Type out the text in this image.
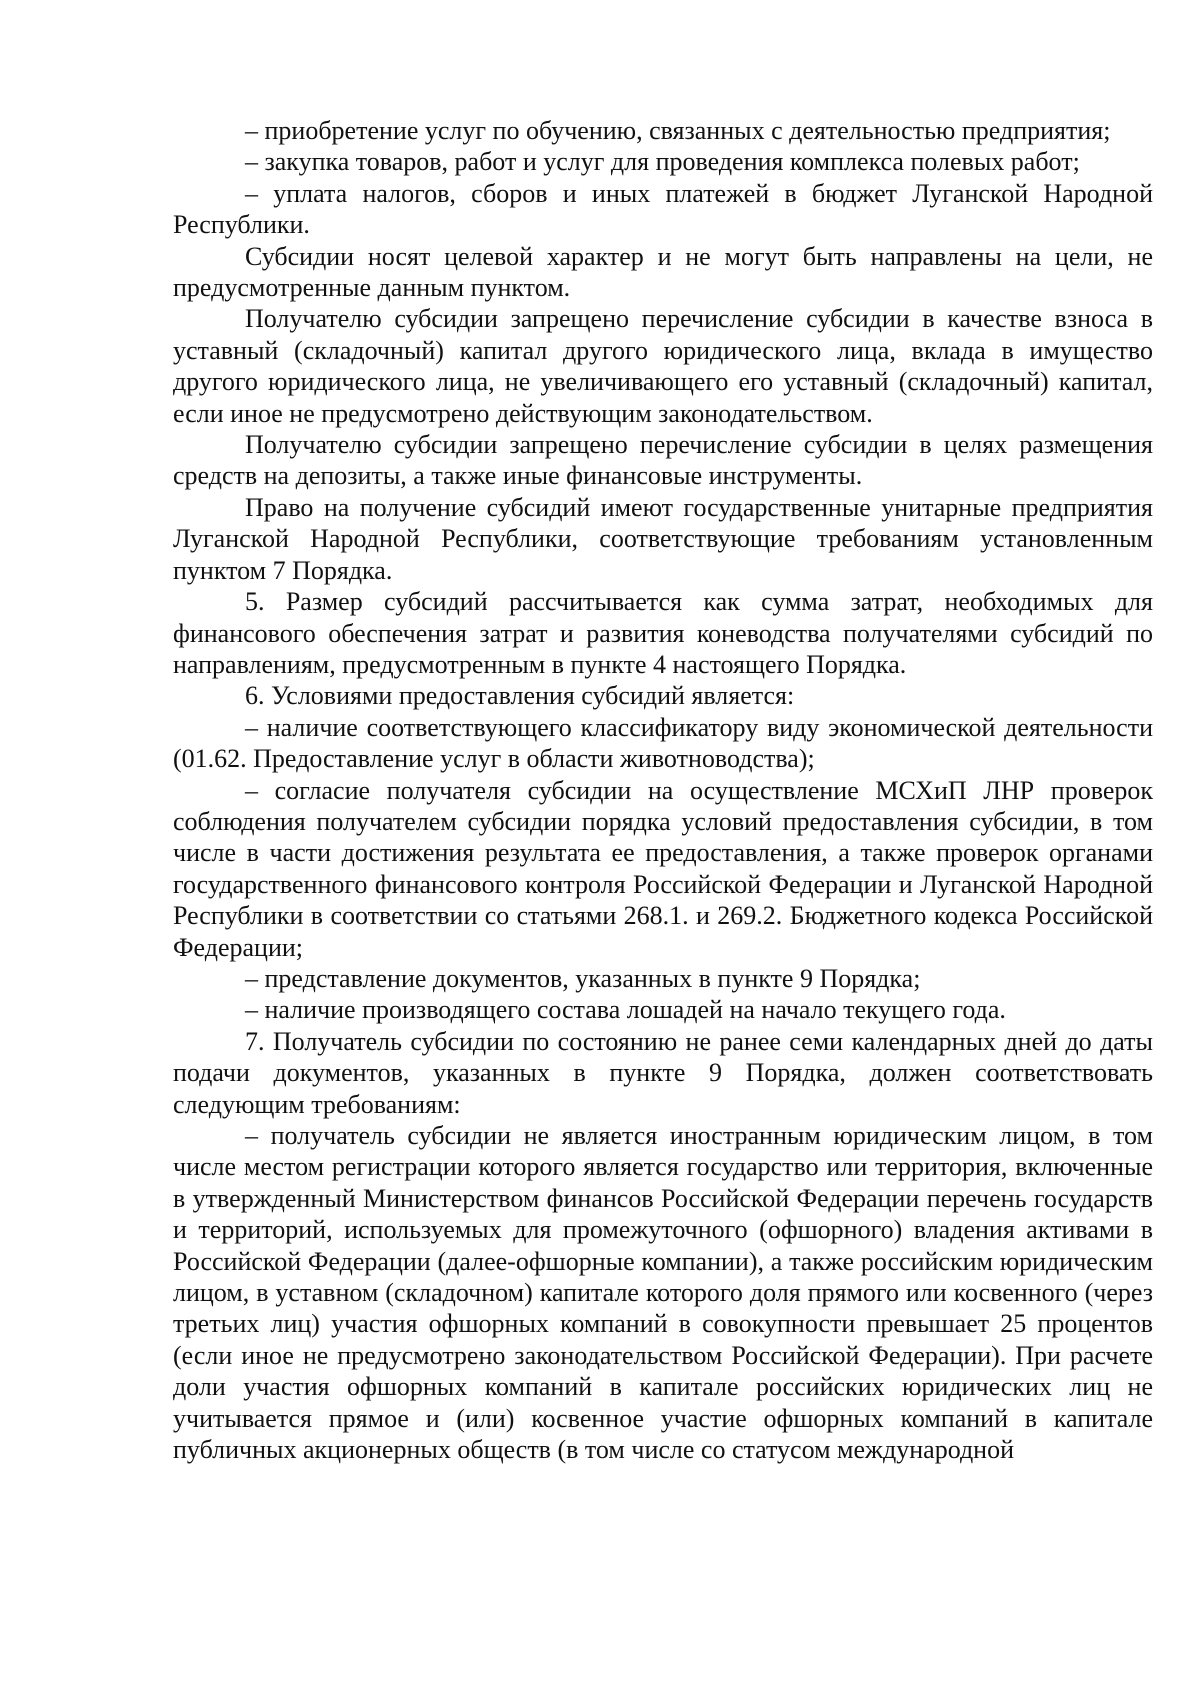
– приобретение услуг по обучению, связанных с деятельностью предприятия;

– закупка товаров, работ и услуг для проведения комплекса полевых работ;

– уплата налогов, сборов и иных платежей в бюджет Луганской Народной Республики.

Субсидии носят целевой характер и не могут быть направлены на цели, не предусмотренные данным пунктом.

Получателю субсидии запрещено перечисление субсидии в качестве взноса в уставный (складочный) капитал другого юридического лица, вклада в имущество другого юридического лица, не увеличивающего его уставный (складочный) капитал, если иное не предусмотрено действующим законодательством.

Получателю субсидии запрещено перечисление субсидии в целях размещения средств на депозиты, а также иные финансовые инструменты.

Право на получение субсидий имеют государственные унитарные предприятия Луганской Народной Республики, соответствующие требованиям установленным пунктом 7 Порядка.

5. Размер субсидий рассчитывается как сумма затрат, необходимых для финансового обеспечения затрат и развития коневодства получателями субсидий по направлениям, предусмотренным в пункте 4 настоящего Порядка.

6. Условиями предоставления субсидий является:

– наличие соответствующего классификатору виду экономической деятельности (01.62. Предоставление услуг в области животноводства);

– согласие получателя субсидии на осуществление МСХиП ЛНР проверок соблюдения получателем субсидии порядка условий предоставления субсидии, в том числе в части достижения результата ее предоставления, а также проверок органами государственного финансового контроля Российской Федерации и Луганской Народной Республики в соответствии со статьями 268.1. и 269.2. Бюджетного кодекса Российской Федерации;

– представление документов, указанных в пункте 9 Порядка;

– наличие производящего состава лошадей на начало текущего года.

7. Получатель субсидии по состоянию не ранее семи календарных дней до даты подачи документов, указанных в пункте 9 Порядка, должен соответствовать следующим требованиям:

– получатель субсидии не является иностранным юридическим лицом, в том числе местом регистрации которого является государство или территория, включенные в утвержденный Министерством финансов Российской Федерации перечень государств и территорий, используемых для промежуточного (офшорного) владения активами в Российской Федерации (далее-офшорные компании), а также российским юридическим лицом, в уставном (складочном) капитале которого доля прямого или косвенного (через третьих лиц) участия офшорных компаний в совокупности превышает 25 процентов (если иное не предусмотрено законодательством Российской Федерации). При расчете доли участия офшорных компаний в капитале российских юридических лиц не учитывается прямое и (или) косвенное участие офшорных компаний в капитале публичных акционерных обществ (в том числе со статусом международной
